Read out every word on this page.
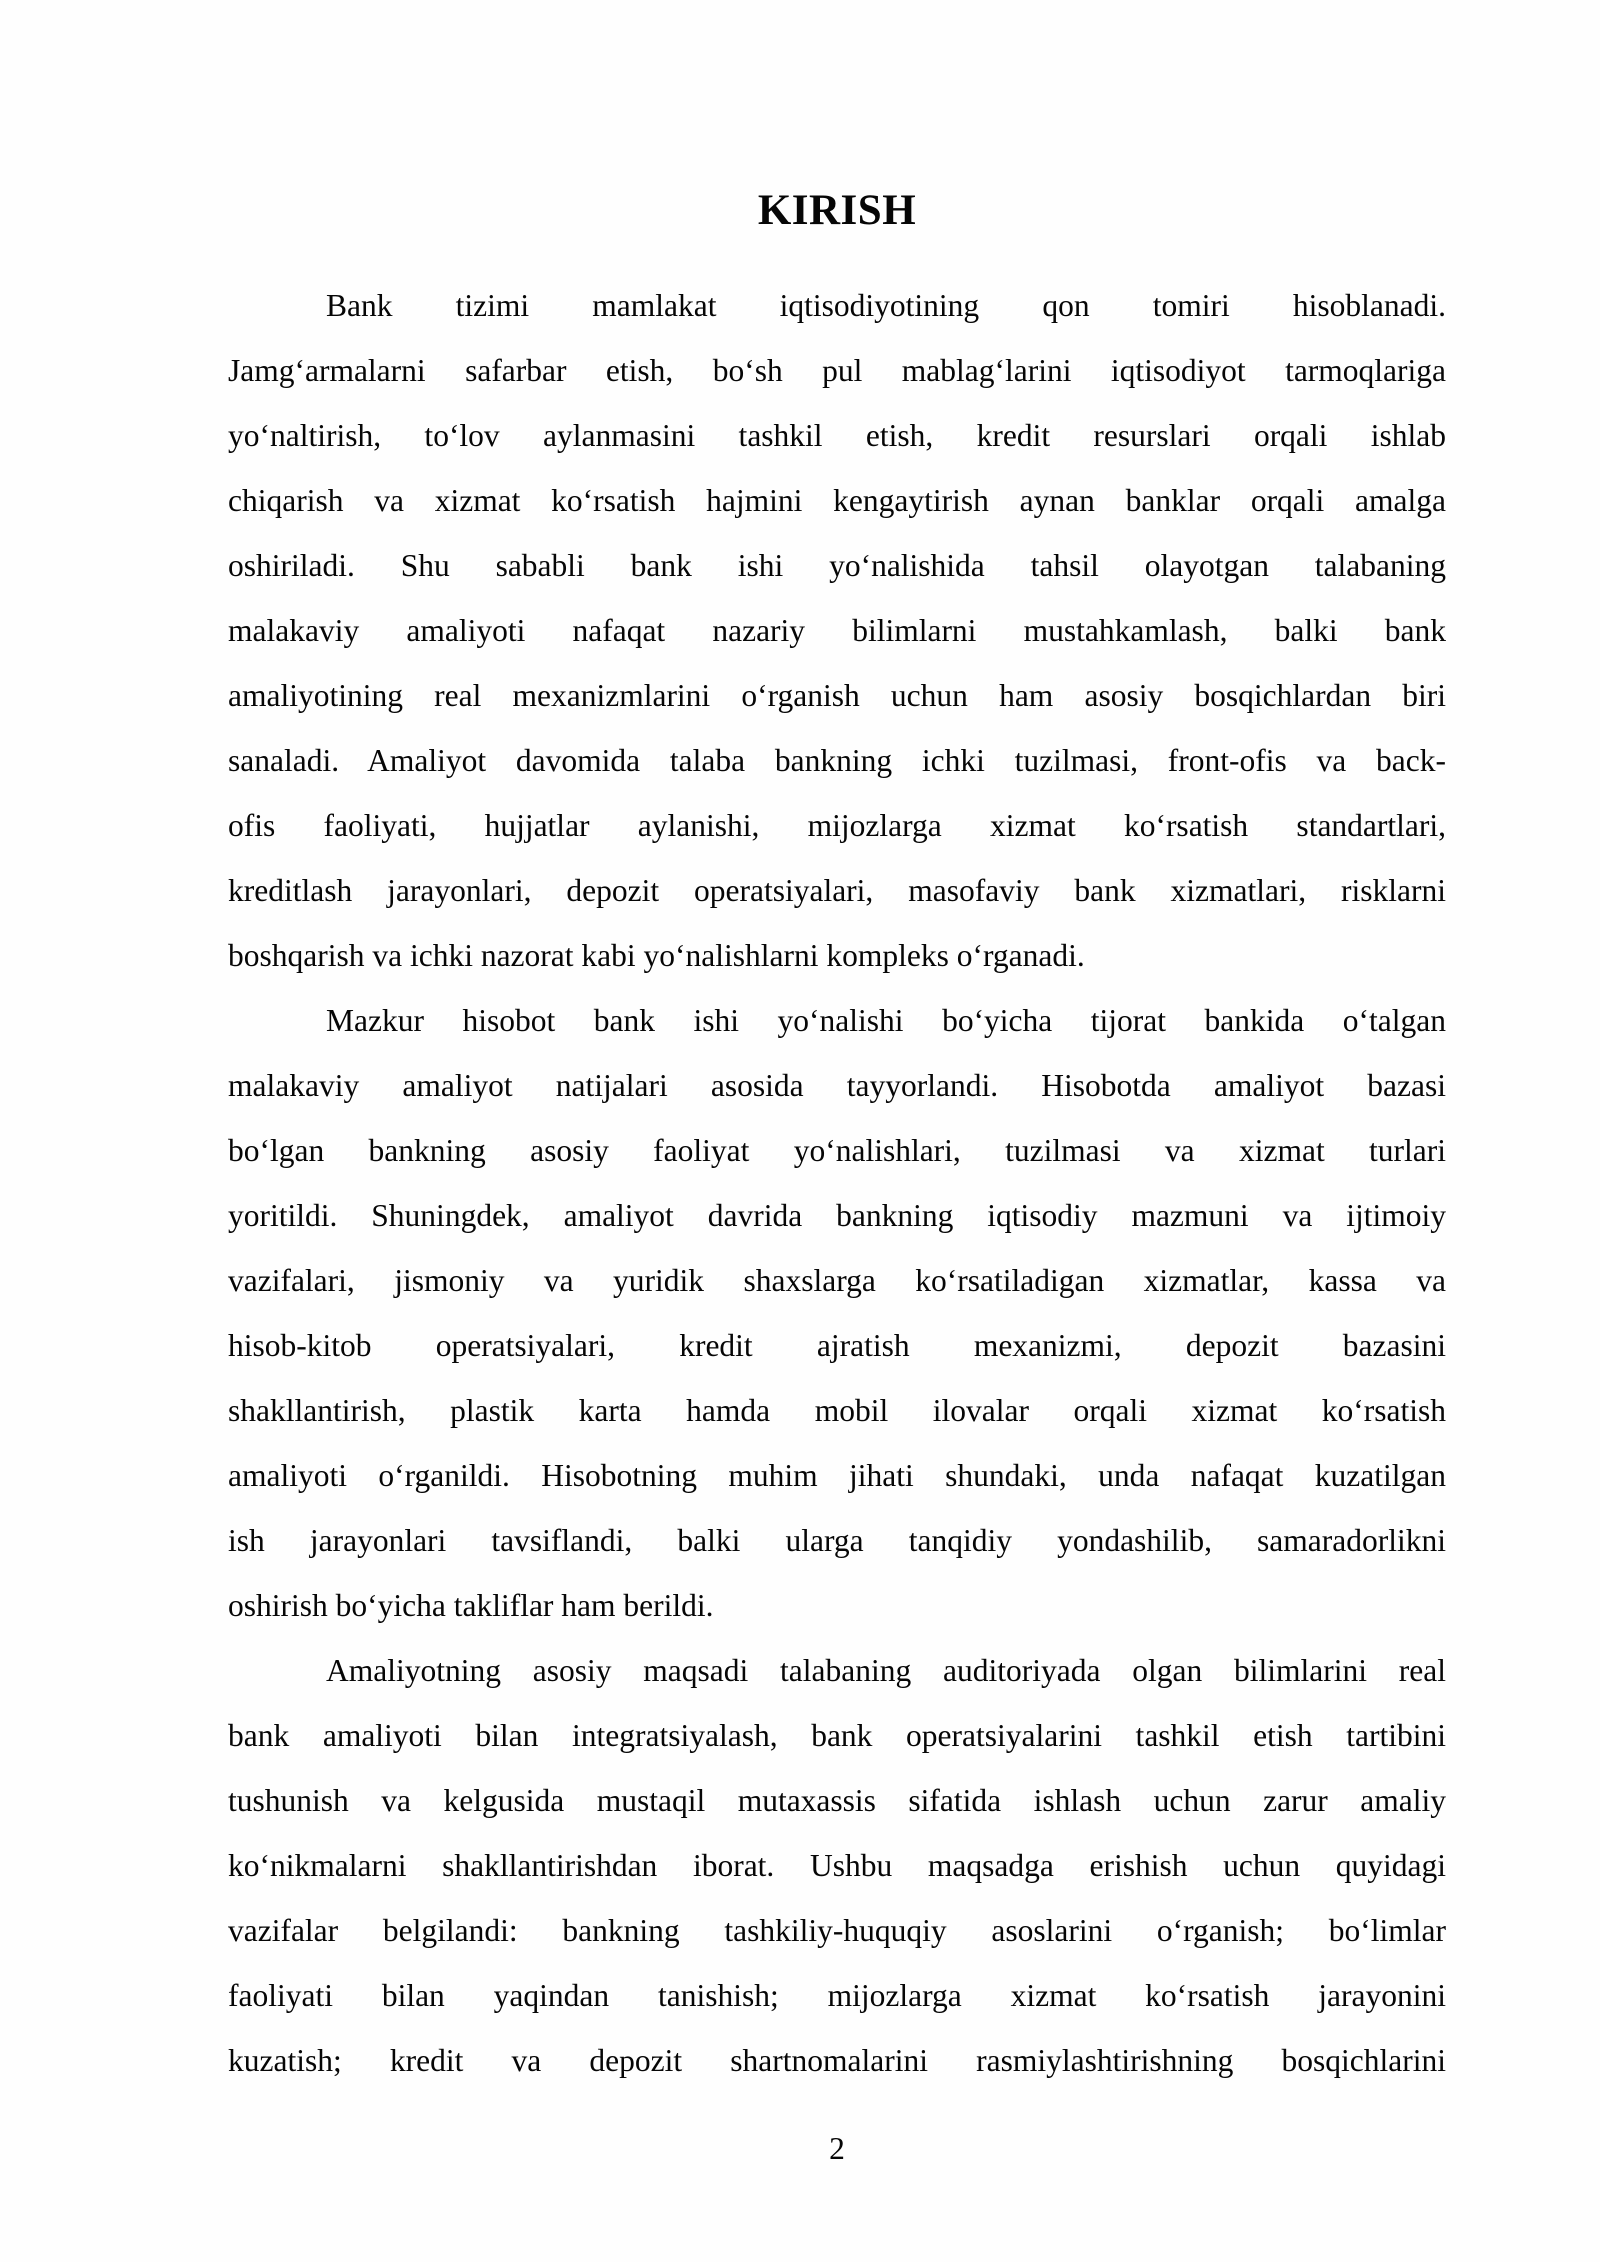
KIRISH
Bank tizimi mamlakat iqtisodiyotining qon tomiri hisoblanadi.
Jamg‘armalarni safarbar etish, bo‘sh pul mablag‘larini iqtisodiyot tarmoqlariga
yo‘naltirish, to‘lov aylanmasini tashkil etish, kredit resurslari orqali ishlab
chiqarish va xizmat ko‘rsatish hajmini kengaytirish aynan banklar orqali amalga
oshiriladi. Shu sababli bank ishi yo‘nalishida tahsil olayotgan talabaning
malakaviy amaliyoti nafaqat nazariy bilimlarni mustahkamlash, balki bank
amaliyotining real mexanizmlarini o‘rganish uchun ham asosiy bosqichlardan biri
sanaladi. Amaliyot davomida talaba bankning ichki tuzilmasi, front-ofis va back-
ofis faoliyati, hujjatlar aylanishi, mijozlarga xizmat ko‘rsatish standartlari,
kreditlash jarayonlari, depozit operatsiyalari, masofaviy bank xizmatlari, risklarni
boshqarish va ichki nazorat kabi yo‘nalishlarni kompleks o‘rganadi.
Mazkur hisobot bank ishi yo‘nalishi bo‘yicha tijorat bankida o‘talgan
malakaviy amaliyot natijalari asosida tayyorlandi. Hisobotda amaliyot bazasi
bo‘lgan bankning asosiy faoliyat yo‘nalishlari, tuzilmasi va xizmat turlari
yoritildi. Shuningdek, amaliyot davrida bankning iqtisodiy mazmuni va ijtimoiy
vazifalari, jismoniy va yuridik shaxslarga ko‘rsatiladigan xizmatlar, kassa va
hisob-kitob operatsiyalari, kredit ajratish mexanizmi, depozit bazasini
shakllantirish, plastik karta hamda mobil ilovalar orqali xizmat ko‘rsatish
amaliyoti o‘rganildi. Hisobotning muhim jihati shundaki, unda nafaqat kuzatilgan
ish jarayonlari tavsiflandi, balki ularga tanqidiy yondashilib, samaradorlikni
oshirish bo‘yicha takliflar ham berildi.
Amaliyotning asosiy maqsadi talabaning auditoriyada olgan bilimlarini real
bank amaliyoti bilan integratsiyalash, bank operatsiyalarini tashkil etish tartibini
tushunish va kelgusida mustaqil mutaxassis sifatida ishlash uchun zarur amaliy
ko‘nikmalarni shakllantirishdan iborat. Ushbu maqsadga erishish uchun quyidagi
vazifalar belgilandi: bankning tashkiliy-huquqiy asoslarini o‘rganish; bo‘limlar
faoliyati bilan yaqindan tanishish; mijozlarga xizmat ko‘rsatish jarayonini
kuzatish; kredit va depozit shartnomalarini rasmiylashtirishning bosqichlarini
2
